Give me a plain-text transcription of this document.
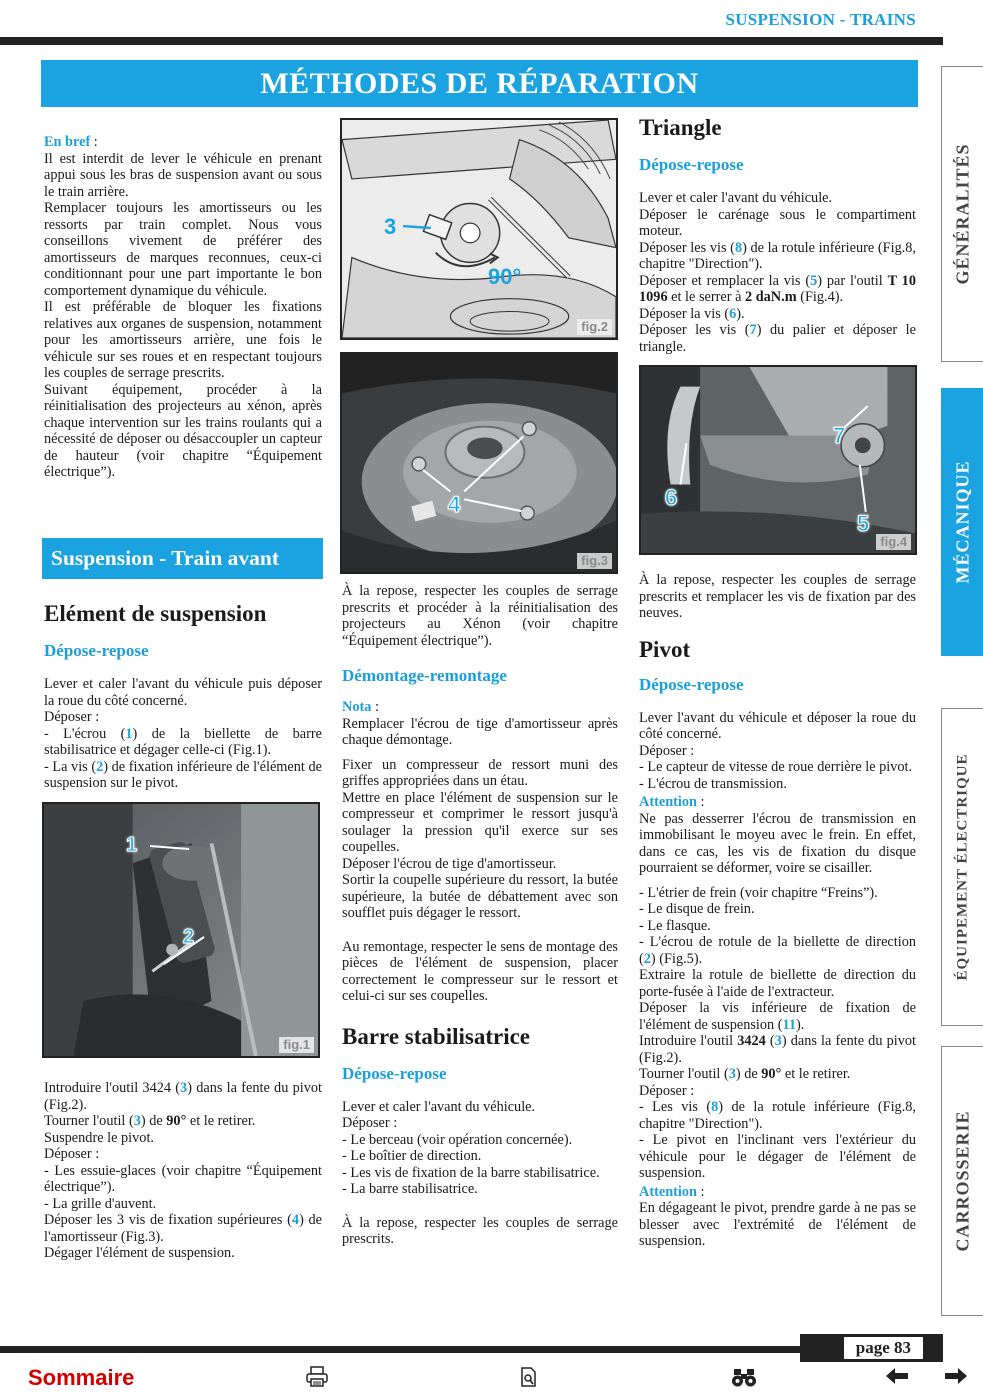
SUSPENSION - TRAINS
MÉTHODES DE RÉPARATION

En bref :

Il est interdit de lever le véhicule en prenant appui sous les bras de suspension avant ou sous le train arrière.

Remplacer toujours les amortisseurs ou les ressorts par train complet. Nous vous conseillons vivement de préférer des amortisseurs de marques reconnues, ceux-ci conditionnant pour une part importante le bon comportement dynamique du véhicule.

Il est préférable de bloquer les fixations relatives aux organes de suspension, notamment pour les amortisseurs arrière, une fois le véhicule sur ses roues et en respectant toujours les couples de serrage prescrits.

Suivant équipement, procéder à la réinitialisation des projecteurs au xénon, après chaque intervention sur les trains roulants qui a nécessité de déposer ou désaccoupler un capteur de hauteur (voir chapitre “Équipement électrique”).

Suspension - Train avant
Elément de suspension
Dépose-repose

Lever et caler l'avant du véhicule puis déposer la roue du côté concerné.

Déposer :

- L'écrou (1) de la biellette de barre stabilisatrice et dégager celle-ci (Fig.1).

- La vis (2) de fixation inférieure de l'élément de suspension sur le pivot.

1
2
fig.1

Introduire l'outil 3424 (3) dans la fente du pivot (Fig.2).

Tourner l'outil (3) de 90° et le retirer.

Suspendre le pivot.

Déposer :

- Les essuie-glaces (voir chapitre “Équipement électrique”).

- La grille d'auvent.

Déposer les 3 vis de fixation supérieures (4) de l'amortisseur (Fig.3).

Dégager l'élément de suspension.

3
90°
fig.2
4
fig.3

À la repose, respecter les couples de serrage prescrits et procéder à la réinitialisation des projecteurs au Xénon (voir chapitre “Équipement électrique”).

Démontage-remontage

Nota :

Remplacer l'écrou de tige d'amortisseur après chaque démontage.

Fixer un compresseur de ressort muni des griffes appropriées dans un étau.

Mettre en place l'élément de suspension sur le compresseur et comprimer le ressort jusqu'à soulager la pression qu'il exerce sur ses coupelles.

Déposer l'écrou de tige d'amortisseur.

Sortir la coupelle supérieure du ressort, la butée supérieure, la butée de débattement avec son soufflet puis dégager le ressort.

Au remontage, respecter le sens de montage des pièces de l'élément de suspension, placer correctement le compresseur sur le ressort et celui-ci sur ses coupelles.

Barre stabilisatrice
Dépose-repose

Lever et caler l'avant du véhicule.

Déposer :

- Le berceau (voir opération concernée).

- Le boîtier de direction.

- Les vis de fixation de la barre stabilisatrice.

- La barre stabilisatrice.

À la repose, respecter les couples de serrage prescrits.

Triangle
Dépose-repose

Lever et caler l'avant du véhicule.

Déposer le carénage sous le compartiment moteur.

Déposer les vis (8) de la rotule inférieure (Fig.8, chapitre "Direction").

Déposer et remplacer la vis (5) par l'outil T 10 1096 et le serrer à 2 daN.m (Fig.4).

Déposer la vis (6).

Déposer les vis (7) du palier et déposer le triangle.

7
6
5
fig.4

À la repose, respecter les couples de serrage prescrits et remplacer les vis de fixation par des neuves.

Pivot
Dépose-repose

Lever l'avant du véhicule et déposer la roue du côté concerné.

Déposer :

- Le capteur de vitesse de roue derrière le pivot.

- L'écrou de transmission.

Attention :

Ne pas desserrer l'écrou de transmission en immobilisant le moyeu avec le frein. En effet, dans ce cas, les vis de fixation du disque pourraient se déformer, voire se cisailler.

- L'étrier de frein (voir chapitre “Freins”).

- Le disque de frein.

- Le flasque.

- L'écrou de rotule de la biellette de direction (2) (Fig.5).

Extraire la rotule de biellette de direction du porte-fusée à l'aide de l'extracteur.

Déposer la vis inférieure de fixation de l'élément de suspension (11).

Introduire l'outil 3424 (3) dans la fente du pivot (Fig.2).

Tourner l'outil (3) de 90° et le retirer.

Déposer :

- Les vis (8) de la rotule inférieure (Fig.8, chapitre "Direction").

- Le pivot en l'inclinant vers l'extérieur du véhicule pour le dégager de l'élément de suspension.

Attention :

En dégageant le pivot, prendre garde à ne pas se blesser avec l'extrémité de l'élément de suspension.

GÉNÉRALITÉS
MÉCANIQUE
ÉQUIPEMENT ÉLECTRIQUE
CARROSSERIE
page 83
Sommaire
